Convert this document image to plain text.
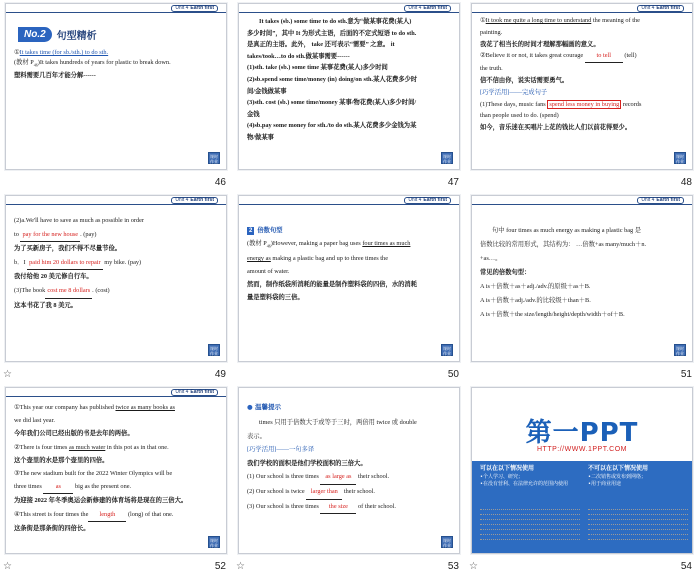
Unit 4 Earth first
No.2	句型精析

①It takes time (for sb./sth.) to do sth.

(教材 $P_{46})It$ takes hundreds of years for plastic to break down.

塑料需要几百年才能分解------

课时 作业
46
Unit 4 Earth first

It takes (sb.) some time to do sth.意为“做某事花费(某人)

多少时间”，其中 It 为形式主语，后面的不定式短语 to do sth.

是真正的主语。此外， take 还可表示“需要” 之意。 it

takes/took…to do sth.做某事需要------

(1)sth. take (sb.) some time 某事花费(某人)多少时间

(2)sb.spend some time/money (in) doing/on sth.某人花费多少时

间/金钱做某事

(3)sth. cost (sb.) some time/money 某事/物花费(某人)多少时间/

金钱

(4)sb.pay some money for sth./to do sth.某人花费多少金钱为某

物/做某事

课时 作业
47
Unit 4 Earth first

①It took me quite a long time to understand the meaning of the

painting.

我花了相当长的时间才理解那幅画的意义。

②Believe it or not, it takes great courage to tell (tell)

the truth.

信不信由你，说实话需要勇气。

[巧学活用]——完成句子

(1)These days, music fans spend less money in buying records

than people used to do. (spend)

如今，音乐迷在买唱片上花的钱比人们以前花得要少。

课时 作业
48
Unit 4 Earth first

(2)a.We'll have to save as much as possible in order

to pay for the new house . (pay)

为了买新房子，我们不得不尽量节俭。

b．I paid him 20 dollars to repair my bike. (pay)

我付给他 20 美元修自行车。

(3)The book cost me 8 dollars . (cost)

这本书花了我 8 美元。

课时 作业
☆	49
Unit 4 Earth first

2 倍数句型

(教材 $P_{46})However$, making a paper bag uses four times as much

energy as making a plastic bag and up to three times the

amount of water.

然而，制作纸袋所消耗的能量是制作塑料袋的四倍，水的消耗

量是塑料袋的三倍。

课时 作业
50
Unit 4 Earth first

句中 four times as much energy as making a plastic bag 是

倍数比较的常用形式，其结构为： …倍数+as many/much＋n.

+as…。

常见的倍数句型：

A is＋倍数＋as＋adj./adv.的原级＋as＋B.

A is＋倍数＋adj./adv.的比较级＋than＋B.

A is＋倍数＋the size/length/height/depth/width＋of＋B.

课时 作业
51
Unit 4 Earth first

①This year our company has published twice as many books as

we did last year.

今年我们公司已经出版的书是去年的两倍。

②There is four times as much water in this pot as in that one.

这个壶里的水是那个壶里的四倍。

③The new stadium built for the 2022 Winter Olympics will be

three times as big as the present one.

为迎接 2022 年冬季奥运会新修建的体育场将是现在的三倍大。

④This street is four times the length (long) of that one.

这条街是那条街的四倍长。

课时 作业
☆	52
● 温馨提示

times 只用于倍数大于或等于三时，两倍用 twice 或 double

表示。

[巧学活用]——一句多译

我们学校的面积是他们学校面积的三倍大。

(1) Our school is three times as large as their school.

(2) Our school is twice larger than their school.

(3) Our school is three times the size of their school.

课时 作业
☆	53
第一PPT
HTTP://WWW.1PPT.COM
可以在以下情况使用
•个人学习、研究；
•在没有营利、在法律允许的范围内使用
不可以在以下情况使用
•二次销售或发布到网络；
•用于商业用途
☆	54
